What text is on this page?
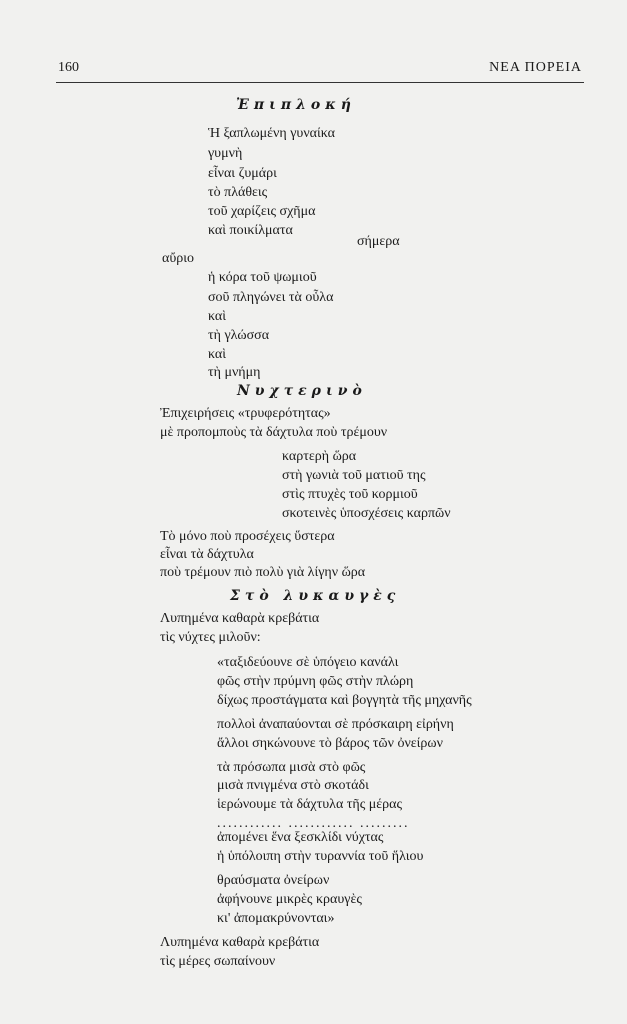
160	ΝΕΑ ΠΟΡΕΙΑ
Ἐπιπλοκή
Ἡ ξαπλωμένη γυναίκα
γυμνὴ
εἶναι ζυμάρι
τὸ πλάθεις
τοῦ χαρίζεις σχῆμα
καὶ ποικίλματα
σήμερα
αὔριο
ἡ κόρα τοῦ ψωμιοῦ
σοῦ πληγώνει τὰ οὖλα
καὶ
τὴ γλώσσα
καὶ
τὴ μνήμη
Νυχτερινὸ
Ἐπιχειρήσεις «τρυφερότητας»
μὲ προπομποὺς τὰ δάχτυλα ποὺ τρέμουν
καρτερὴ ὥρα
στὴ γωνιὰ τοῦ ματιοῦ της
στὶς πτυχὲς τοῦ κορμιοῦ
σκοτεινὲς ὑποσχέσεις καρπῶν
Τὸ μόνο ποὺ προσέχεις ὕστερα
εἶναι τὰ δάχτυλα
ποὺ τρέμουν πιὸ πολὺ γιὰ λίγην ὥρα
Στὸ λυκαυγὲς
Λυπημένα καθαρὰ κρεβάτια
τὶς νύχτες μιλοῦν:
«ταξιδεύουνε σὲ ὑπόγειο κανάλι
φῶς στὴν πρύμνη φῶς στὴν πλώρη
δίχως προστάγματα καὶ βογγητὰ τῆς μηχανῆς
πολλοὶ ἀναπαύονται σὲ πρόσκαιρη εἰρήνη
ἄλλοι σηκώνουνε τὸ βάρος τῶν ὀνείρων
τὰ πρόσωπα μισὰ στὸ φῶς
μισὰ πνιγμένα στὸ σκοτάδι
ἱερώνουμε τὰ δάχτυλα τῆς μέρας
............ ............ .........
ἀπομένει ἕνα ξεσκλίδι νύχτας
ἡ ὑπόλοιπη στὴν τυραννία τοῦ ἥλιου
θραύσματα ὀνείρων
ἀφήνουνε μικρὲς κραυγὲς
κι' ἀπομακρύνονται»
Λυπημένα καθαρὰ κρεβάτια
τὶς μέρες σωπαίνουν
